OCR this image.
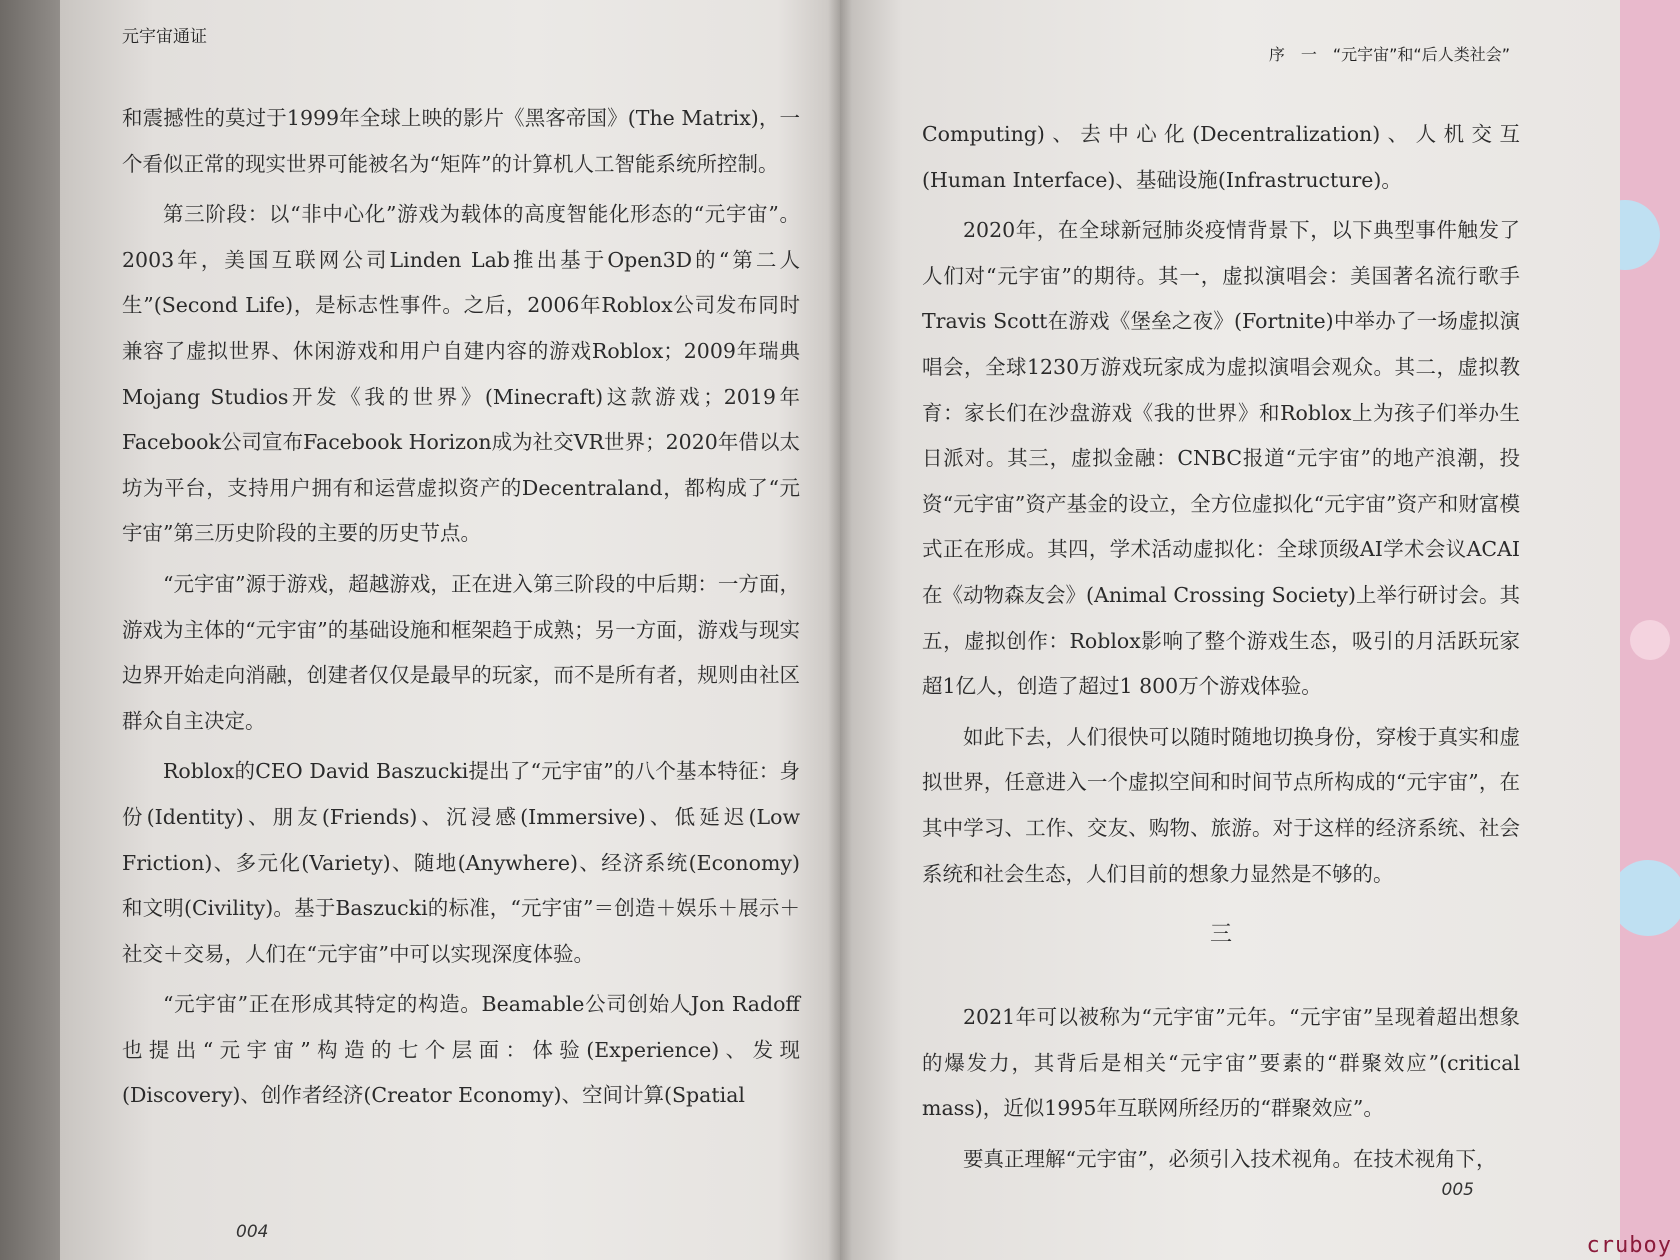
和震撼性的莫过于1999年全球上映的影片《黑客帝国》(The Matrix)，一个看似正常的现实世界可能被名为“矩阵”的计算机人工智能系统所控制。

第三阶段：以“非中心化”游戏为载体的高度智能化形态的“元宇宙”。2003年，美国互联网公司Linden Lab推出基于Open3D的“第二人生”(Second Life)，是标志性事件。之后，2006年Roblox公司发布同时兼容了虚拟世界、休闲游戏和用户自建内容的游戏Roblox；2009年瑞典Mojang Studios开发《我的世界》(Minecraft)这款游戏；2019年Facebook公司宣布Facebook Horizon成为社交VR世界；2020年借以太坊为平台，支持用户拥有和运营虚拟资产的Decentraland，都构成了“元宇宙”第三历史阶段的主要的历史节点。

“元宇宙”源于游戏，超越游戏，正在进入第三阶段的中后期：一方面，游戏为主体的“元宇宙”的基础设施和框架趋于成熟；另一方面，游戏与现实边界开始走向消融，创建者仅仅是最早的玩家，而不是所有者，规则由社区群众自主决定。

Roblox的CEO David Baszucki提出了“元宇宙”的八个基本特征：身份(Identity)、朋友(Friends)、沉浸感(Immersive)、低延迟(Low Friction)、多元化(Variety)、随地(Anywhere)、经济系统(Economy)和文明(Civility)。基于Baszucki的标准，“元宇宙”＝创造＋娱乐＋展示＋社交＋交易，人们在“元宇宙”中可以实现深度体验。

“元宇宙”正在形成其特定的构造。Beamable公司创始人Jon Radoff也提出“元宇宙”构造的七个层面：体验(Experience)、发现(Discovery)、创作者经济(Creator Economy)、空间计算(Spatial

元宇宙通证
004

Computing)、去中心化(Decentralization)、人机交互(Human Interface)、基础设施(Infrastructure)。

2020年，在全球新冠肺炎疫情背景下，以下典型事件触发了人们对“元宇宙”的期待。其一，虚拟演唱会：美国著名流行歌手Travis Scott在游戏《堡垒之夜》(Fortnite)中举办了一场虚拟演唱会，全球1230万游戏玩家成为虚拟演唱会观众。其二，虚拟教育：家长们在沙盘游戏《我的世界》和Roblox上为孩子们举办生日派对。其三，虚拟金融：CNBC报道“元宇宙”的地产浪潮，投资“元宇宙”资产基金的设立，全方位虚拟化“元宇宙”资产和财富模式正在形成。其四，学术活动虚拟化：全球顶级AI学术会议ACAI在《动物森友会》(Animal Crossing Society)上举行研讨会。其五，虚拟创作：Roblox影响了整个游戏生态，吸引的月活跃玩家超1亿人，创造了超过1 800万个游戏体验。

如此下去，人们很快可以随时随地切换身份，穿梭于真实和虚拟世界，任意进入一个虚拟空间和时间节点所构成的“元宇宙”，在其中学习、工作、交友、购物、旅游。对于这样的经济系统、社会系统和社会生态，人们目前的想象力显然是不够的。

三

2021年可以被称为“元宇宙”元年。“元宇宙”呈现着超出想象的爆发力，其背后是相关“元宇宙”要素的“群聚效应”(critical mass)，近似1995年互联网所经历的“群聚效应”。

要真正理解“元宇宙”，必须引入技术视角。在技术视角下，

序　一　“元宇宙”和“后人类社会”
005
cruboy
